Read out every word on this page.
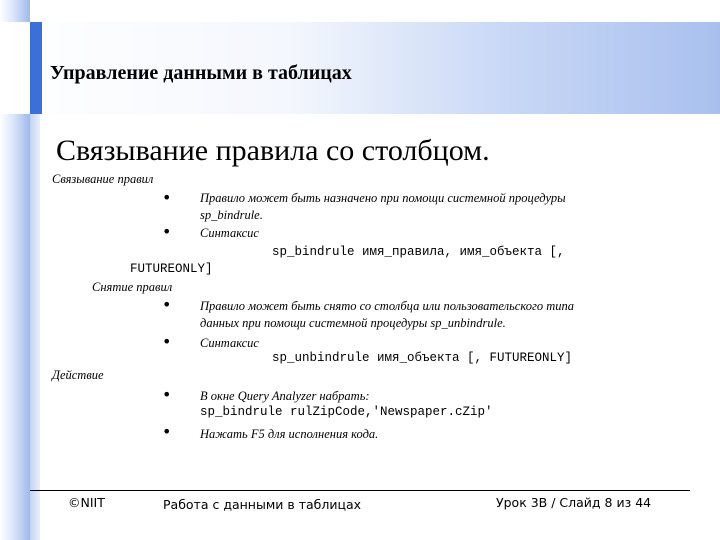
Управление данными в таблицах
Связывание правила со столбцом.
Связывание правил
• Правило может быть назначено при помощи системной процедуры
sp_bindrule.
• Синтаксис
sp_bindrule имя_правила, имя_объекта [,
FUTUREONLY]
Снятие правил
• Правило может быть снято со столбца или пользовательского типа
данных при помощи системной процедуры sp_unbindrule.
• Синтаксис
sp_unbindrule имя_объекта [, FUTUREONLY]
Действие
• В окне Query Analyzer набрать:
sp_bindrule rulZipCode,'Newspaper.cZip'
• Нажать F5 для исполнения кода.
©NIIT	Работа с данными в таблицах	Урок 3B / Слайд 8 из 44
